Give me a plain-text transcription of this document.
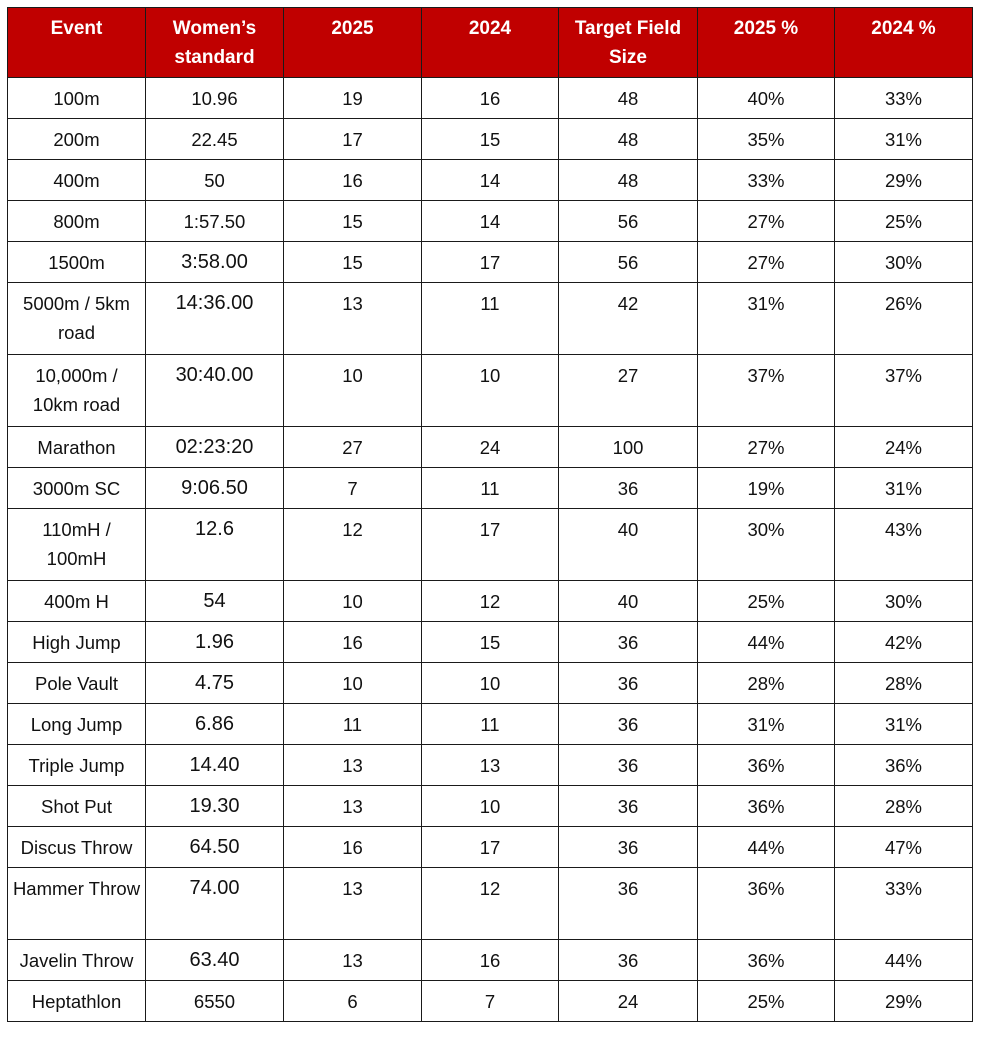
Event	Women’s standard	2025	2024	Target Field Size	2025 %	2024 %
100m	10.96	19	16	48	40%	33%
200m	22.45	17	15	48	35%	31%
400m	50	16	14	48	33%	29%
800m	1:57.50	15	14	56	27%	25%
1500m	3:58.00	15	17	56	27%	30%
5000m / 5km road	14:36.00	13	11	42	31%	26%
10,000m / 10km road	30:40.00	10	10	27	37%	37%
Marathon	02:23:20	27	24	100	27%	24%
3000m SC	9:06.50	7	11	36	19%	31%
110mH / 100mH	12.6	12	17	40	30%	43%
400m H	54	10	12	40	25%	30%
High Jump	1.96	16	15	36	44%	42%
Pole Vault	4.75	10	10	36	28%	28%
Long Jump	6.86	11	11	36	31%	31%
Triple Jump	14.40	13	13	36	36%	36%
Shot Put	19.30	13	10	36	36%	28%
Discus Throw	64.50	16	17	36	44%	47%
Hammer Throw	74.00	13	12	36	36%	33%
Javelin Throw	63.40	13	16	36	36%	44%
Heptathlon	6550	6	7	24	25%	29%
